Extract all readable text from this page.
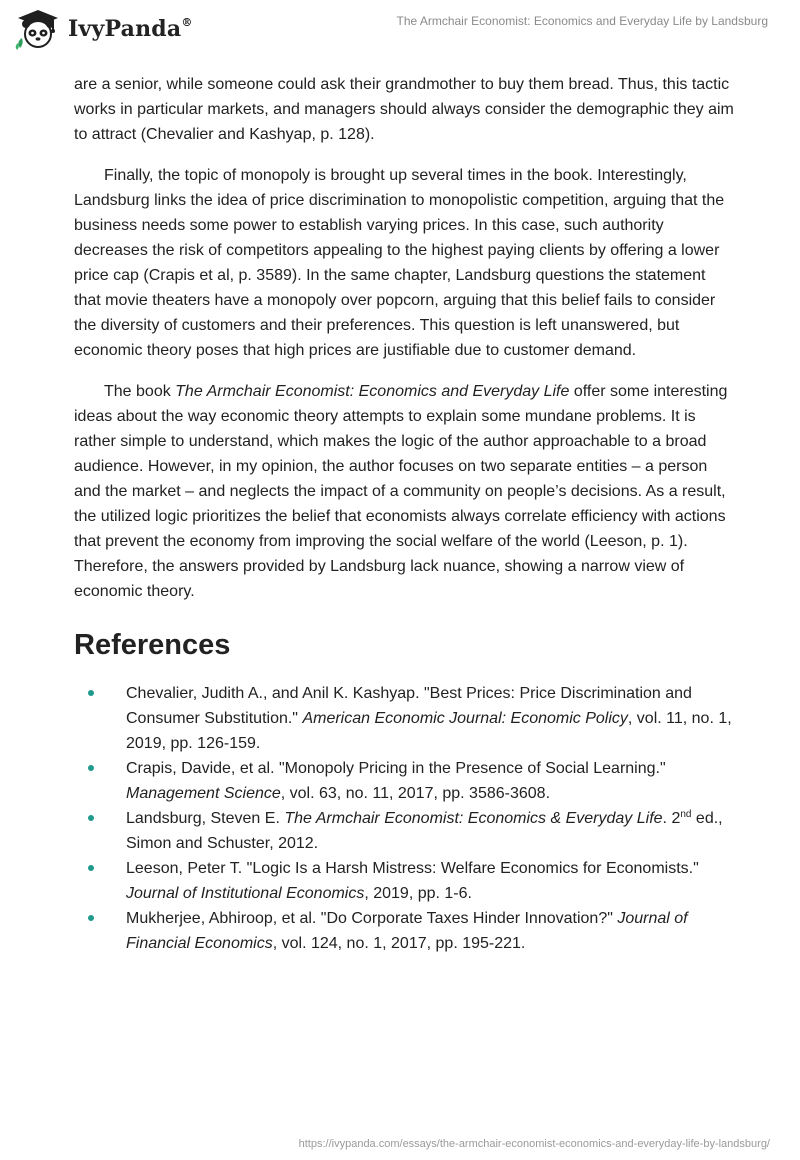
IvyPanda®	The Armchair Economist: Economics and Everyday Life by Landsburg

are a senior, while someone could ask their grandmother to buy them bread. Thus, this tactic works in particular markets, and managers should always consider the demographic they aim to attract (Chevalier and Kashyap, p. 128).

Finally, the topic of monopoly is brought up several times in the book. Interestingly, Landsburg links the idea of price discrimination to monopolistic competition, arguing that the business needs some power to establish varying prices. In this case, such authority decreases the risk of competitors appealing to the highest paying clients by offering a lower price cap (Crapis et al, p. 3589). In the same chapter, Landsburg questions the statement that movie theaters have a monopoly over popcorn, arguing that this belief fails to consider the diversity of customers and their preferences. This question is left unanswered, but economic theory poses that high prices are justifiable due to customer demand.

The book The Armchair Economist: Economics and Everyday Life offer some interesting ideas about the way economic theory attempts to explain some mundane problems. It is rather simple to understand, which makes the logic of the author approachable to a broad audience. However, in my opinion, the author focuses on two separate entities – a person and the market – and neglects the impact of a community on people’s decisions. As a result, the utilized logic prioritizes the belief that economists always correlate efficiency with actions that prevent the economy from improving the social welfare of the world (Leeson, p. 1). Therefore, the answers provided by Landsburg lack nuance, showing a narrow view of economic theory.

References
Chevalier, Judith A., and Anil K. Kashyap. "Best Prices: Price Discrimination and Consumer Substitution." American Economic Journal: Economic Policy, vol. 11, no. 1, 2019, pp. 126-159.
Crapis, Davide, et al. "Monopoly Pricing in the Presence of Social Learning." Management Science, vol. 63, no. 11, 2017, pp. 3586-3608.
Landsburg, Steven E. The Armchair Economist: Economics & Everyday Life. 2nd ed., Simon and Schuster, 2012.
Leeson, Peter T. "Logic Is a Harsh Mistress: Welfare Economics for Economists." Journal of Institutional Economics, 2019, pp. 1-6.
Mukherjee, Abhiroop, et al. "Do Corporate Taxes Hinder Innovation?" Journal of Financial Economics, vol. 124, no. 1, 2017, pp. 195-221.
https://ivypanda.com/essays/the-armchair-economist-economics-and-everyday-life-by-landsburg/
